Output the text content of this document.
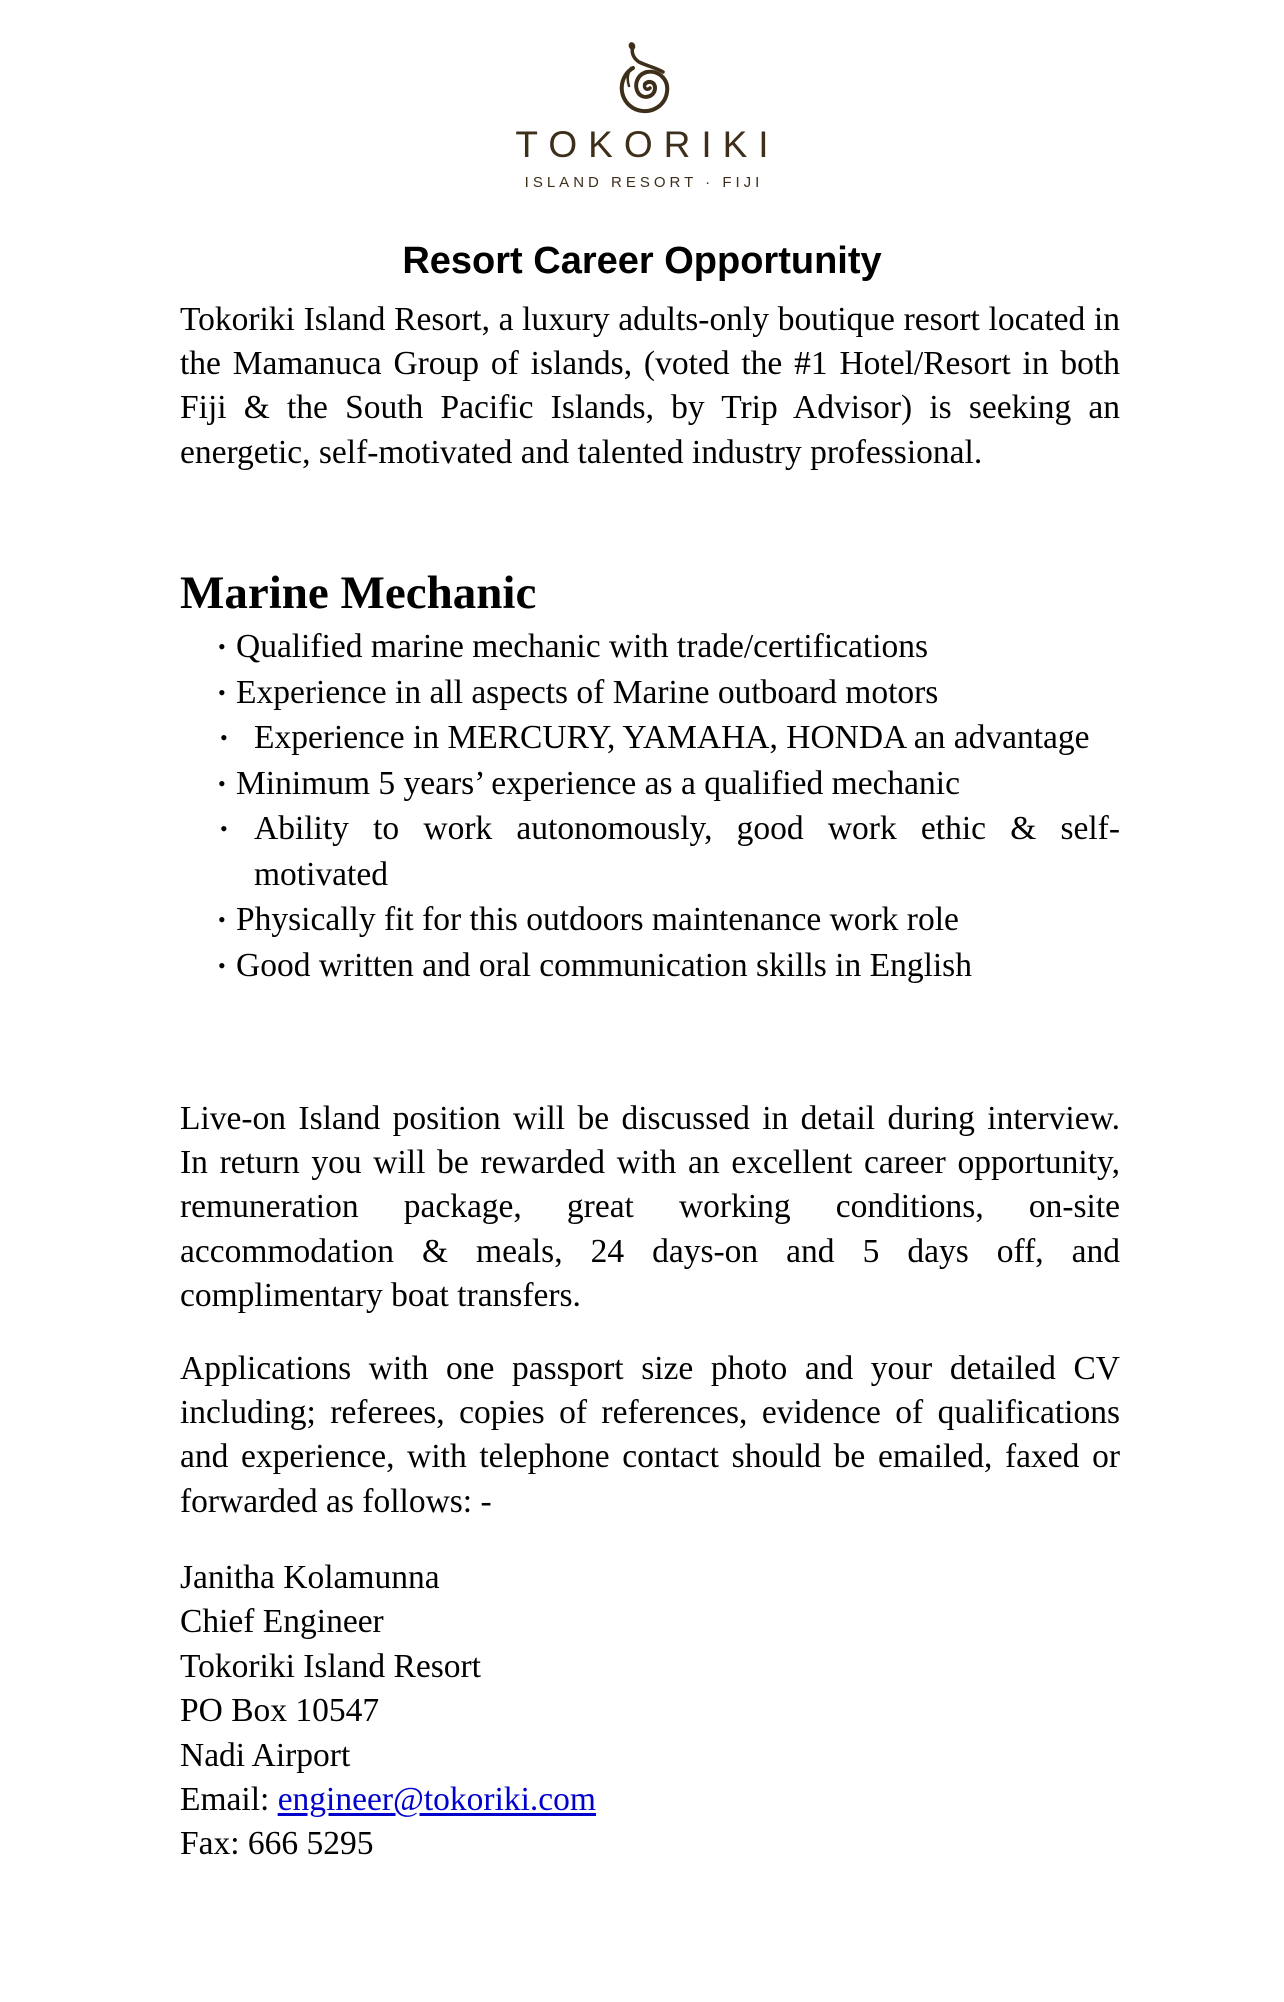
TOKORIKI
ISLAND RESORT · FIJI
Resort Career Opportunity

Tokoriki Island Resort, a luxury adults-only boutique resort located in the Mamanuca Group of islands, (voted the #1 Hotel/Resort in both Fiji & the South Pacific Islands, by Trip Advisor) is seeking an energetic, self-motivated and talented industry professional.

Marine Mechanic
• Qualified marine mechanic with trade/certifications
• Experience in all aspects of Marine outboard motors
• Experience in MERCURY, YAMAHA, HONDA an advantage
• Minimum 5 years’ experience as a qualified mechanic
• Ability to work autonomously, good work ethic & self-motivated
• Physically fit for this outdoors maintenance work role
• Good written and oral communication skills in English

Live-on Island position will be discussed in detail during interview. In return you will be rewarded with an excellent career opportunity, remuneration package, great working conditions, on-site accommodation & meals, 24 days-on and 5 days off, and complimentary boat transfers.

Applications with one passport size photo and your detailed CV including; referees, copies of references, evidence of qualifications and experience, with telephone contact should be emailed, faxed or forwarded as follows: -

Janitha Kolamunna
Chief Engineer
Tokoriki Island Resort
PO Box 10547
Nadi Airport
Email: engineer@tokoriki.com
Fax: 666 5295
